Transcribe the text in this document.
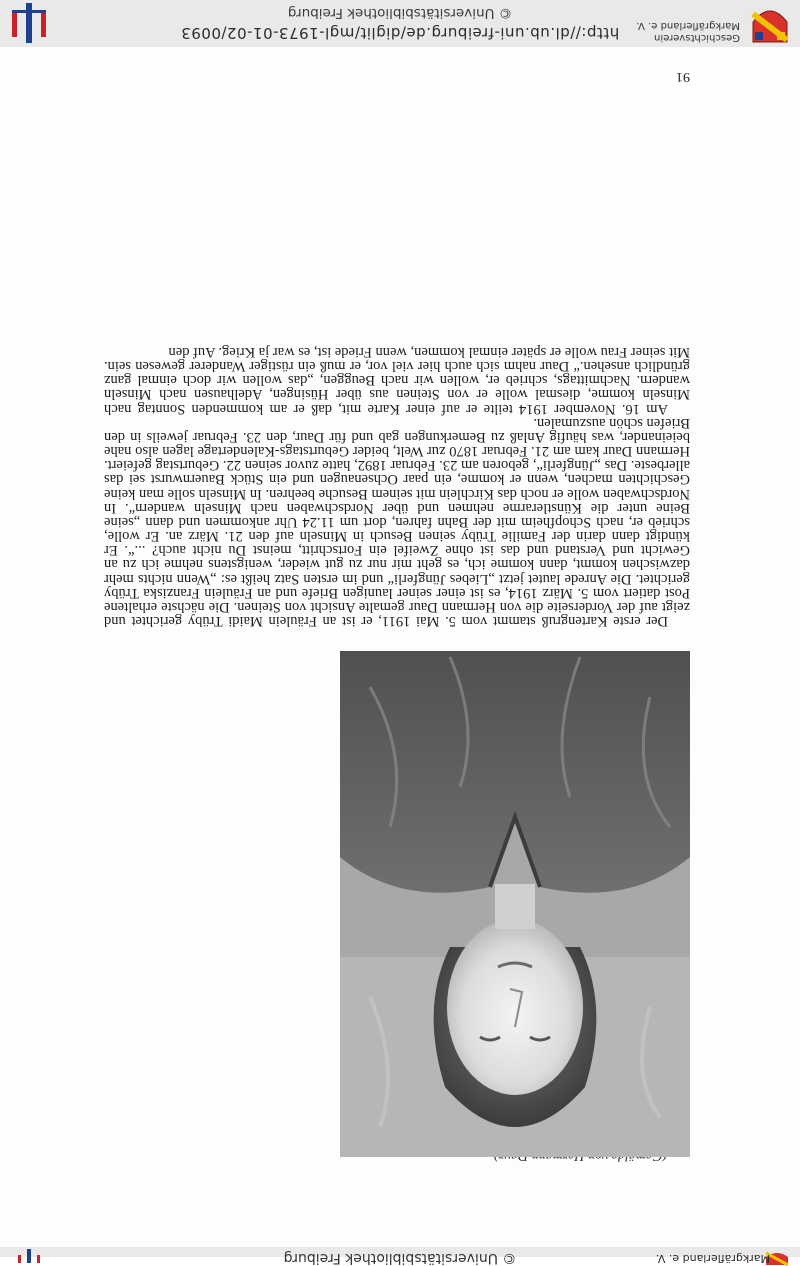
Markgräflerland e. V.
© Universitätsbibliothek Freiburg

Der erste Kartengruß stammt vom 5. Mai 1911, er ist an Fräulein Maidi Trüby gerichtet und zeigt auf der Vorderseite die von Hermann Daur gemalte Ansicht von Steinen. Die nächste erhaltene Post datiert vom 5. März 1914, es ist einer seiner launigen Briefe und an Fräulein Franziska Trüby gerichtet. Die Anrede lautet jetzt „Liebes Jüngferli“ und im ersten Satz heißt es: „Wenn nichts mehr dazwischen kommt, dann komme ich, es geht mir nur zu gut wieder, wenigstens nehme ich zu an Gewicht und Verstand und das ist ohne Zweifel ein Fortschritt, meinst Du nicht auch? ...“. Er kündigt dann darin der Familie Trüby seinen Besuch in Minseln auf den 21. März an. Er wolle, schrieb er, nach Schopfheim mit der Bahn fahren, dort um 11.24 Uhr ankommen und dann „seine Beine unter die Künstlerarme nehmen und über Nordschwaben nach Minseln wandern“. In Nordschwaben wolle er noch das Kirchlein mit seinem Besuche beehren. In Minseln solle man keine Geschichten machen, wenn er komme, ein paar Ochsenaugen und ein Stück Bauernwurst sei das allerbeste. Das „Jüngferli“, geboren am 23. Februar 1892, hatte zuvor seinen 22. Geburtstag gefeiert. Hermann Daur kam am 21. Februar 1870 zur Welt, beider Geburtstags-Kalendertage lagen also nahe beieinander, was häufig Anlaß zu Bemerkungen gab und für Daur, den 23. Februar jeweils in den Briefen schön auszumalen.

Am 16. November 1914 teilte er auf einer Karte mit, daß er am kommenden Sonntag nach Minseln komme, diesmal wolle er von Steinen aus über Hüsingen, Adelhausen nach Minseln wandern. Nachmittags, schrieb er, wollen wir nach Beuggen, „das wollen wir doch einmal ganz gründlich ansehen.“ Daur nahm sich auch hier viel vor, er muß ein rüstiger Wanderer gewesen sein. Mit seiner Frau wolle er später einmal kommen, wenn Friede ist, es war ja Krieg. Auf den

91
Geschichtsverein
Markgräflerland e. V.
http://dl.ub.uni-freiburg.de/diglit/mgl-1973-01-02/0093
© Universitätsbibliothek Freiburg
